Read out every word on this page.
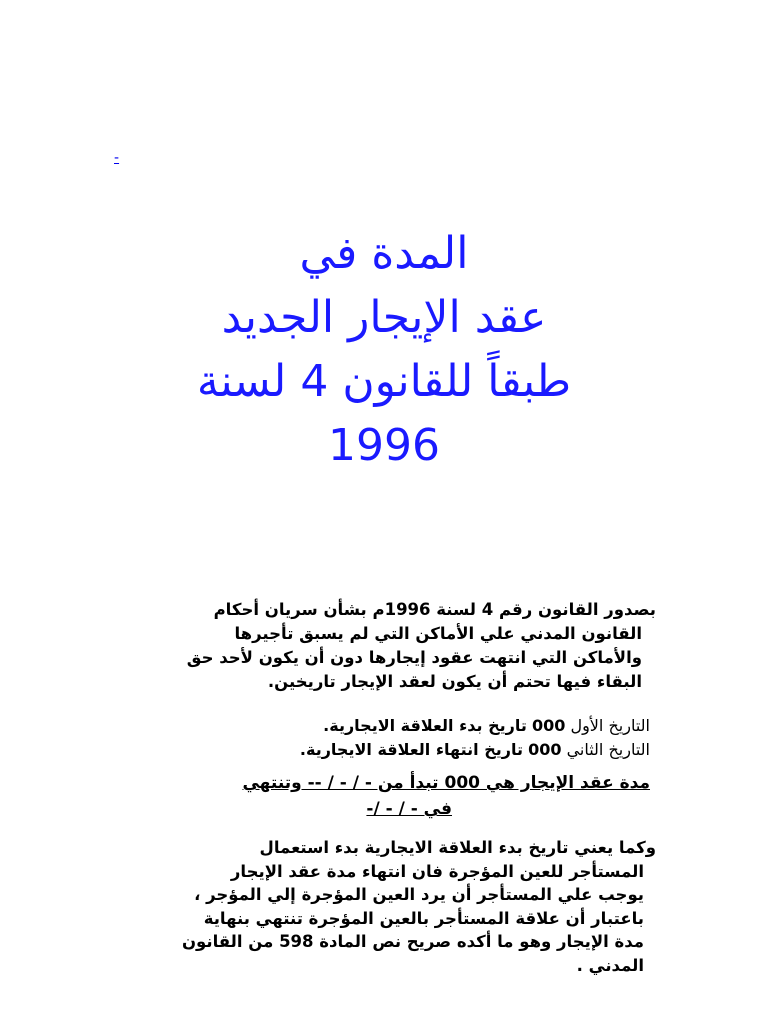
-
المدة في
عقد الإيجار الجديد
طبقاً للقانون 4 لسنة
1996
بصدور القانون رقم 4 لسنة 1996م بشأن سريان أحكام
القانون المدني علي الأماكن التي لم يسبق تأجيرها
والأماكن التي انتهت عقود إيجارها دون أن يكون لأحد حق
البقاء فيها تحتم أن يكون لعقد الإيجار تاريخين.
التاريخ الأول 000 تاريخ بدء العلاقة الايجارية.
التاريخ الثاني 000 تاريخ انتهاء العلاقة الايجارية.
مدة عقد الإيجار هي 000 تبدأ من - / - / -- وتنتهي
في - / - /-
وكما يعني تاريخ بدء العلاقة الايجارية بدء استعمال
المستأجر للعين المؤجرة فان انتهاء مدة عقد الإيجار
يوجب علي المستأجر أن يرد العين المؤجرة إلي المؤجر ،
باعتبار أن علاقة المستأجر بالعين المؤجرة تنتهي بنهاية
مدة الإيجار وهو ما أكده صريح نص المادة 598 من القانون
المدني .
